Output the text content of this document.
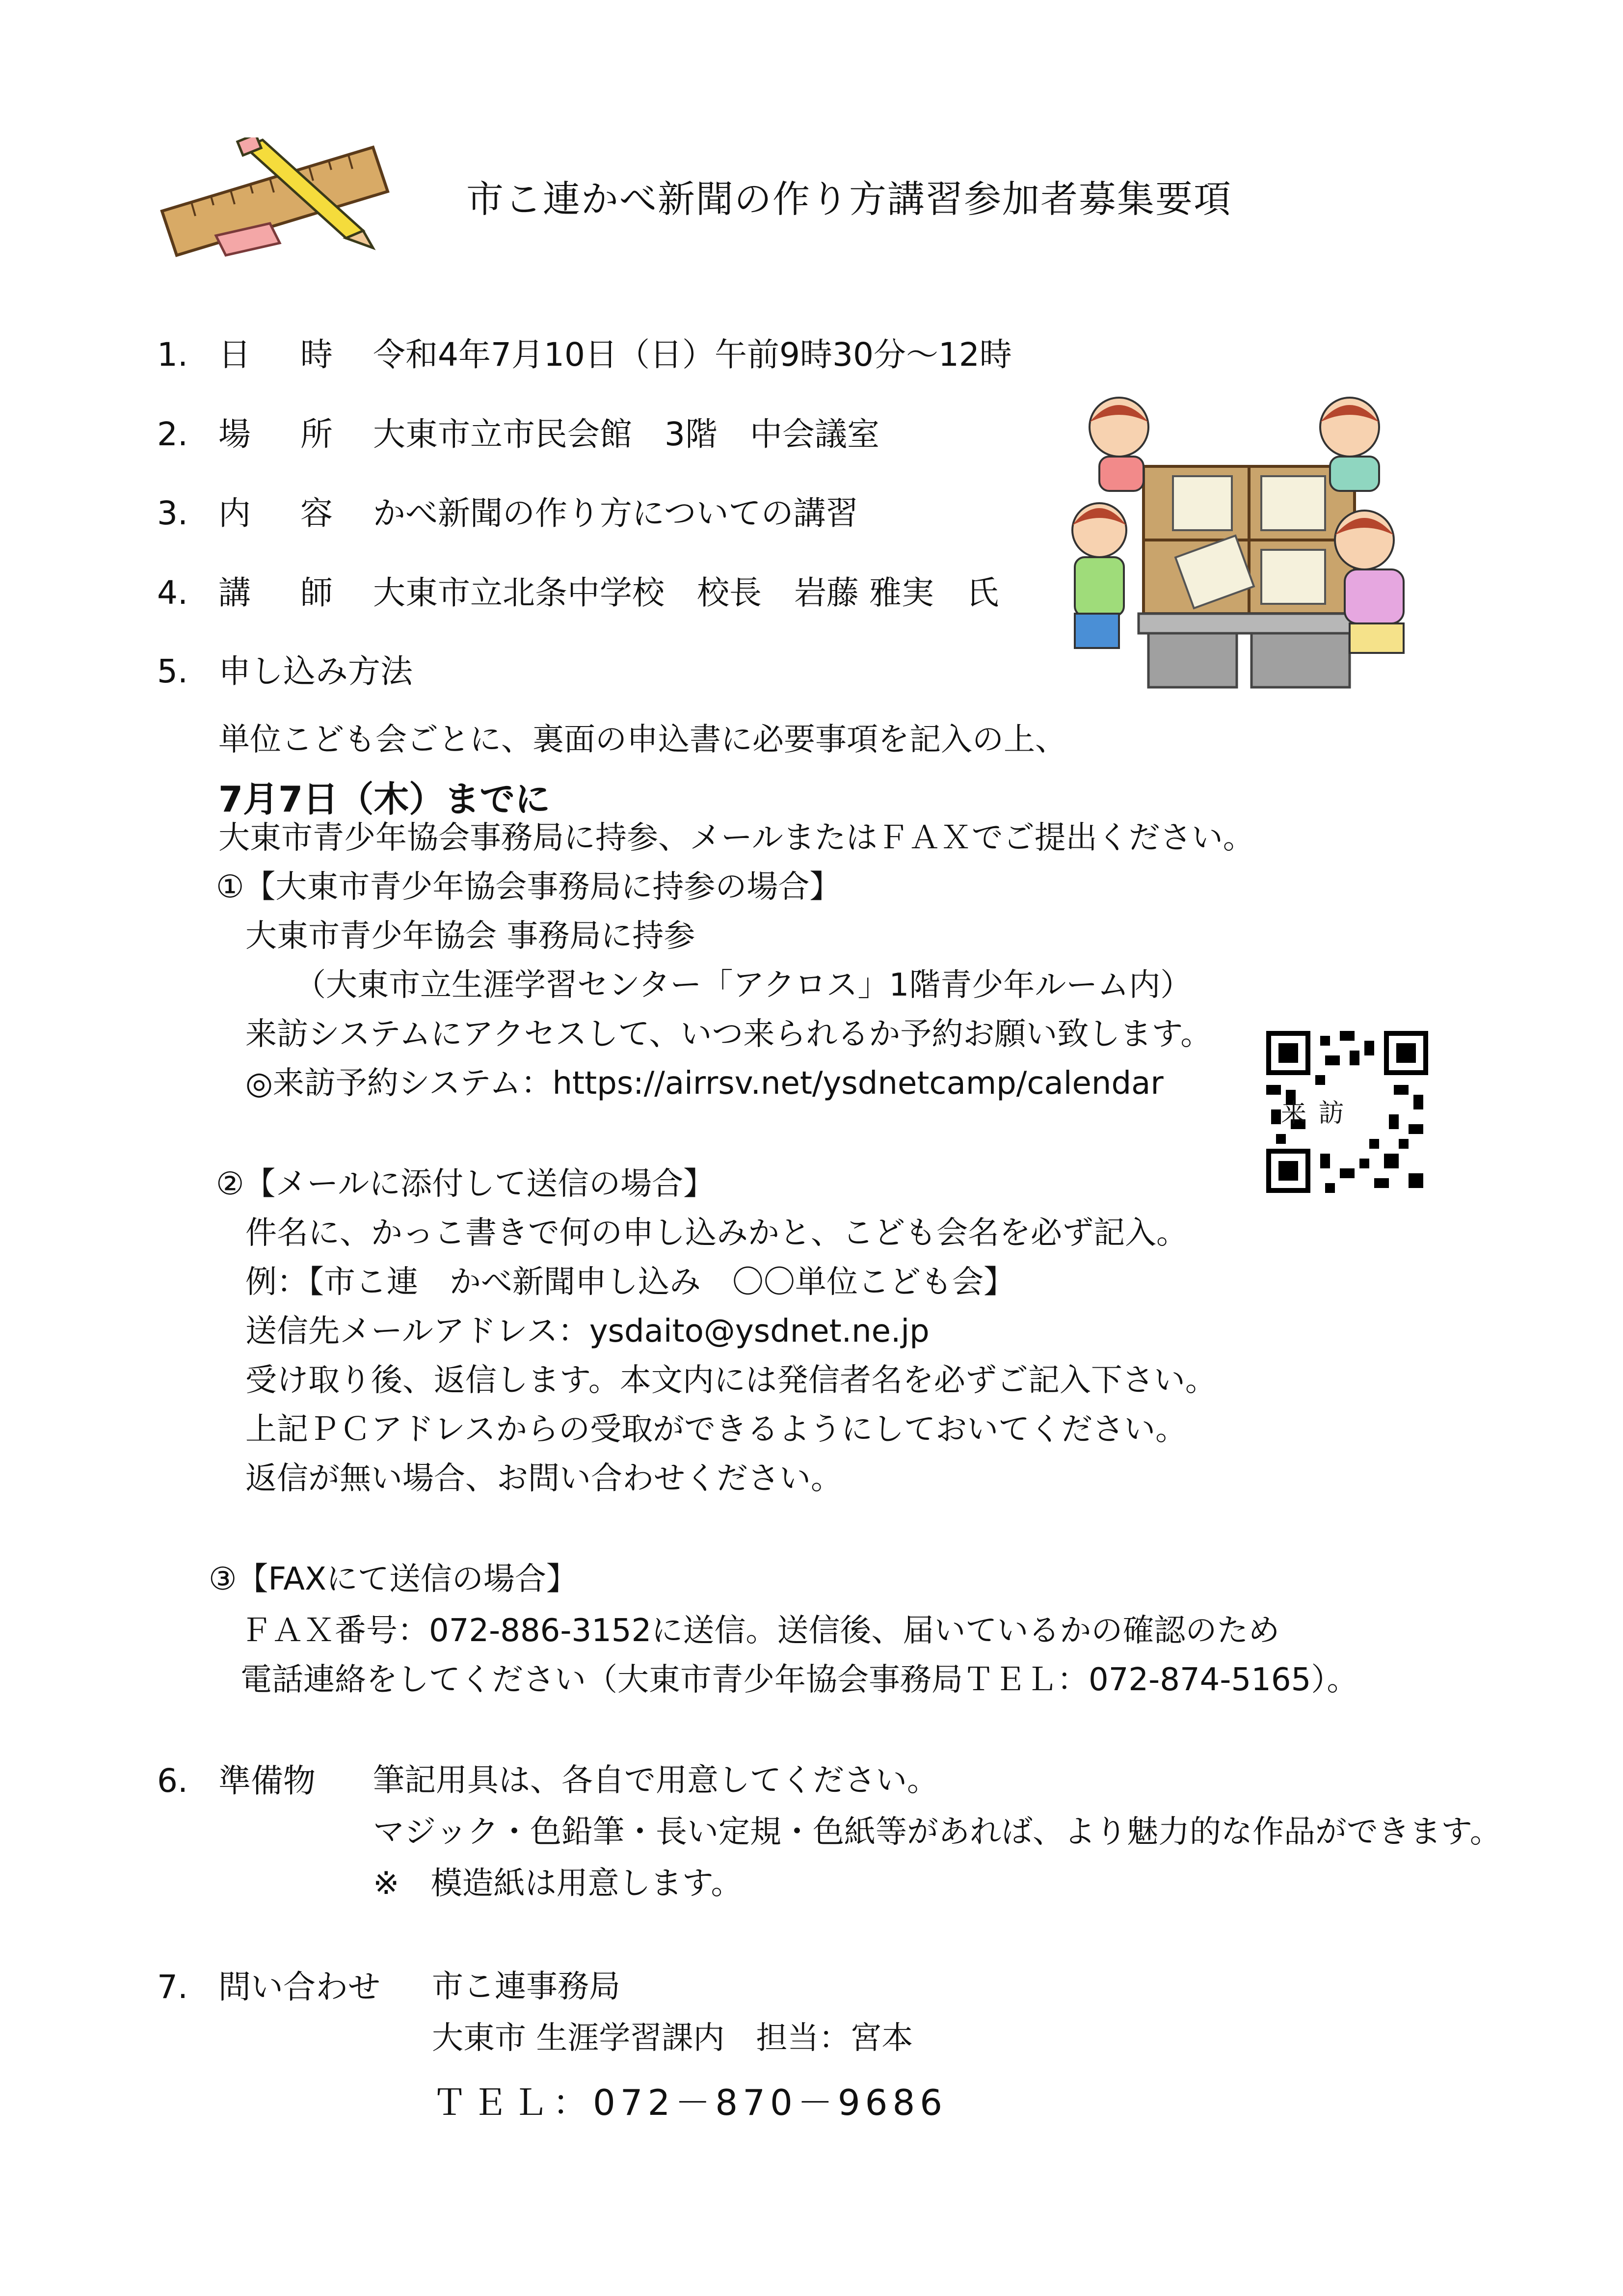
市こ連かべ新聞の作り方講習参加者募集要項
1. 日 時 令和4年7月10日（日）午前9時30分～12時
2. 場 所 大東市立市民会館　3階　中会議室
3. 内 容 かべ新聞の作り方についての講習
4. 講 師 大東市立北条中学校　校長　岩藤 雅実　氏
5. 申し込み方法
単位こども会ごとに、裏面の申込書に必要事項を記入の上、
7月7日（木）までに
大東市青少年協会事務局に持参、メールまたはＦＡＸでご提出ください。
①【大東市青少年協会事務局に持参の場合】
大東市青少年協会 事務局に持参
（大東市立生涯学習センター「アクロス」1階青少年ルーム内）
来訪システムにアクセスして、いつ来られるか予約お願い致します。
◎来訪予約システム：https://airrsv.net/ysdnetcamp/calendar
来 訪
②【メールに添付して送信の場合】
件名に、かっこ書きで何の申し込みかと、こども会名を必ず記入。
例：【市こ連　かべ新聞申し込み　〇〇単位こども会】
送信先メールアドレス：ysdaito@ysdnet.ne.jp
受け取り後、返信します。本文内には発信者名を必ずご記入下さい。
上記ＰＣアドレスからの受取ができるようにしておいてください。
返信が無い場合、お問い合わせください。
③【FAXにて送信の場合】
ＦＡＸ番号：072-886-3152に送信。送信後、届いているかの確認のため
電話連絡をしてください（大東市青少年協会事務局ＴＥＬ：072-874-5165）。
6. 準備物 筆記用具は、各自で用意してください。
マジック・色鉛筆・長い定規・色紙等があれば、より魅力的な作品ができます。
※　模造紙は用意します。
7. 問い合わせ 市こ連事務局
大東市 生涯学習課内　担当：宮本
ＴＥＬ：072－870－9686
